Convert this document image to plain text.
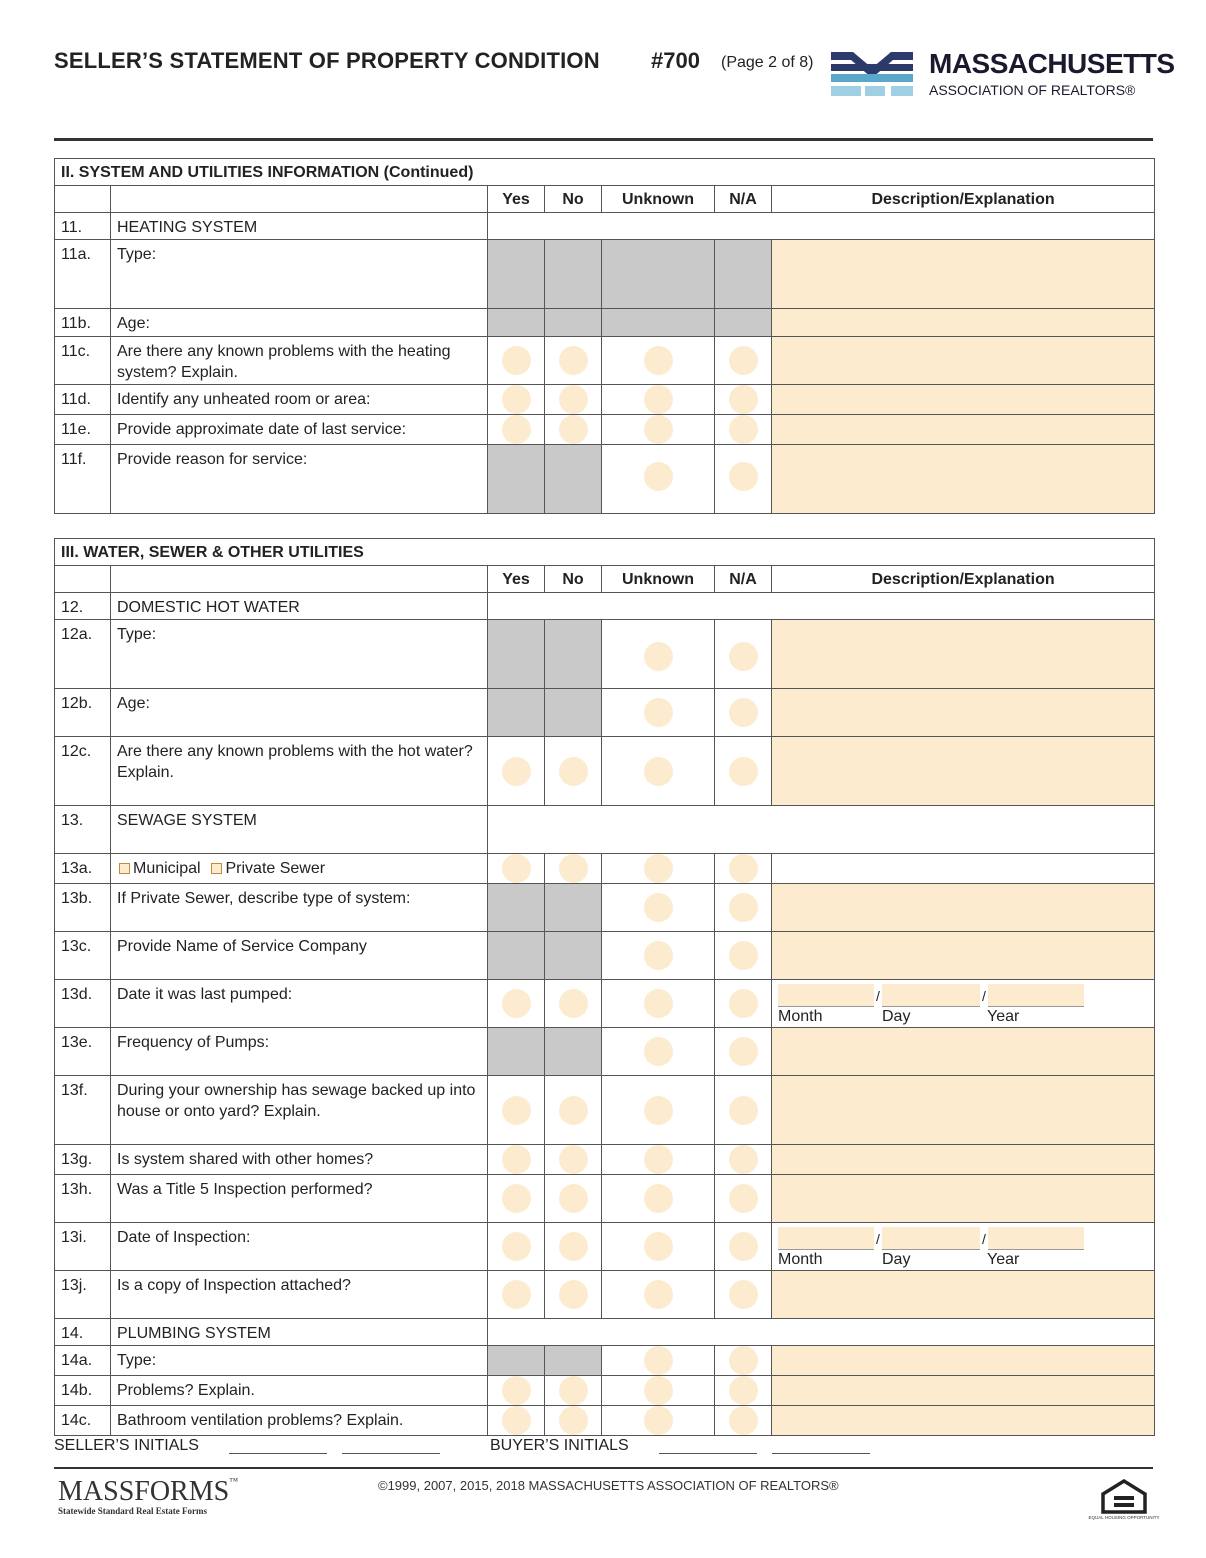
SELLER’S STATEMENT OF PROPERTY CONDITION #700 (Page 2 of 8)	MASSACHUSETTS
ASSOCIATION OF REALTORS®
II. SYSTEM AND UTILITIES INFORMATION (Continued)						
		Yes	No	Unknown	N/A	Description/Explanation
11.	HEATING SYSTEM					
11a.	Type:					
11b.	Age:					
11c.	Are there any known problems with the heating system? Explain.					
11d.	Identify any unheated room or area:					
11e.	Provide approximate date of last service:					
11f.	Provide reason for service:					
III. WATER, SEWER & OTHER UTILITIES						
		Yes	No	Unknown	N/A	Description/Explanation
12.	DOMESTIC HOT WATER					
12a.	Type:					
12b.	Age:					
12c.	Are there any known problems with the hot water? Explain.					
13.	SEWAGE SYSTEM					
13a.	Municipal Private Sewer					
13b.	If Private Sewer, describe type of system:					
13c.	Provide Name of Service Company					
13d.	Date it was last pumped:					/ /
Month Day Year

13e.	Frequency of Pumps:					
13f.	During your ownership has sewage backed up into house or onto yard? Explain.					
13g.	Is system shared with other homes?					
13h.	Was a Title 5 Inspection performed?					
13i.	Date of Inspection:					/ /
Month Day Year

13j.	Is a copy of Inspection attached?					
14.	PLUMBING SYSTEM					
14a.	Type:					
14b.	Problems? Explain.					
14c.	Bathroom ventilation problems? Explain.					
SELLER’S INITIALS	BUYER’S INITIALS
MASSFORMS™
Statewide Standard Real Estate Forms
©1999, 2007, 2015, 2018 MASSACHUSETTS ASSOCIATION OF REALTORS®
EQUAL HOUSING OPPORTUNITY
